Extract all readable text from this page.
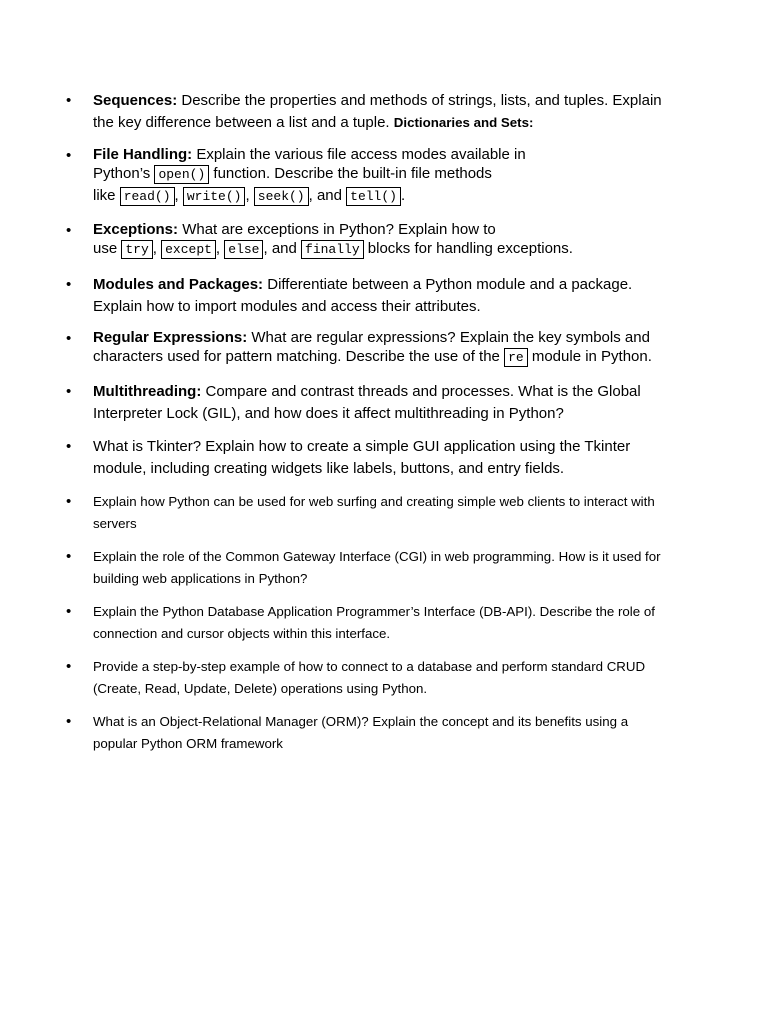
• Sequences: Describe the properties and methods of strings, lists, and tuples. Explain the key difference between a list and a tuple. Dictionaries and Sets:
• File Handling: Explain the various file access modes available in
Python’s open() function. Describe the built-in file methods
like read() , write() , seek() , and tell() .
• Exceptions: What are exceptions in Python? Explain how to
use try , except , else , and finally blocks for handling exceptions.
• Modules and Packages: Differentiate between a Python module and a package. Explain how to import modules and access their attributes.
• Regular Expressions: What are regular expressions? Explain the key symbols and characters used for pattern matching. Describe the use of the re module in Python.
• Multithreading: Compare and contrast threads and processes. What is the Global Interpreter Lock (GIL), and how does it affect multithreading in Python?
• What is Tkinter? Explain how to create a simple GUI application using the Tkinter module, including creating widgets like labels, buttons, and entry fields.
• Explain how Python can be used for web surfing and creating simple web clients to interact with servers
• Explain the role of the Common Gateway Interface (CGI) in web programming. How is it used for building web applications in Python?
• Explain the Python Database Application Programmer’s Interface (DB-API). Describe the role of connection and cursor objects within this interface.
• Provide a step-by-step example of how to connect to a database and perform standard CRUD (Create, Read, Update, Delete) operations using Python.
• What is an Object-Relational Manager (ORM)? Explain the concept and its benefits using a popular Python ORM framework
